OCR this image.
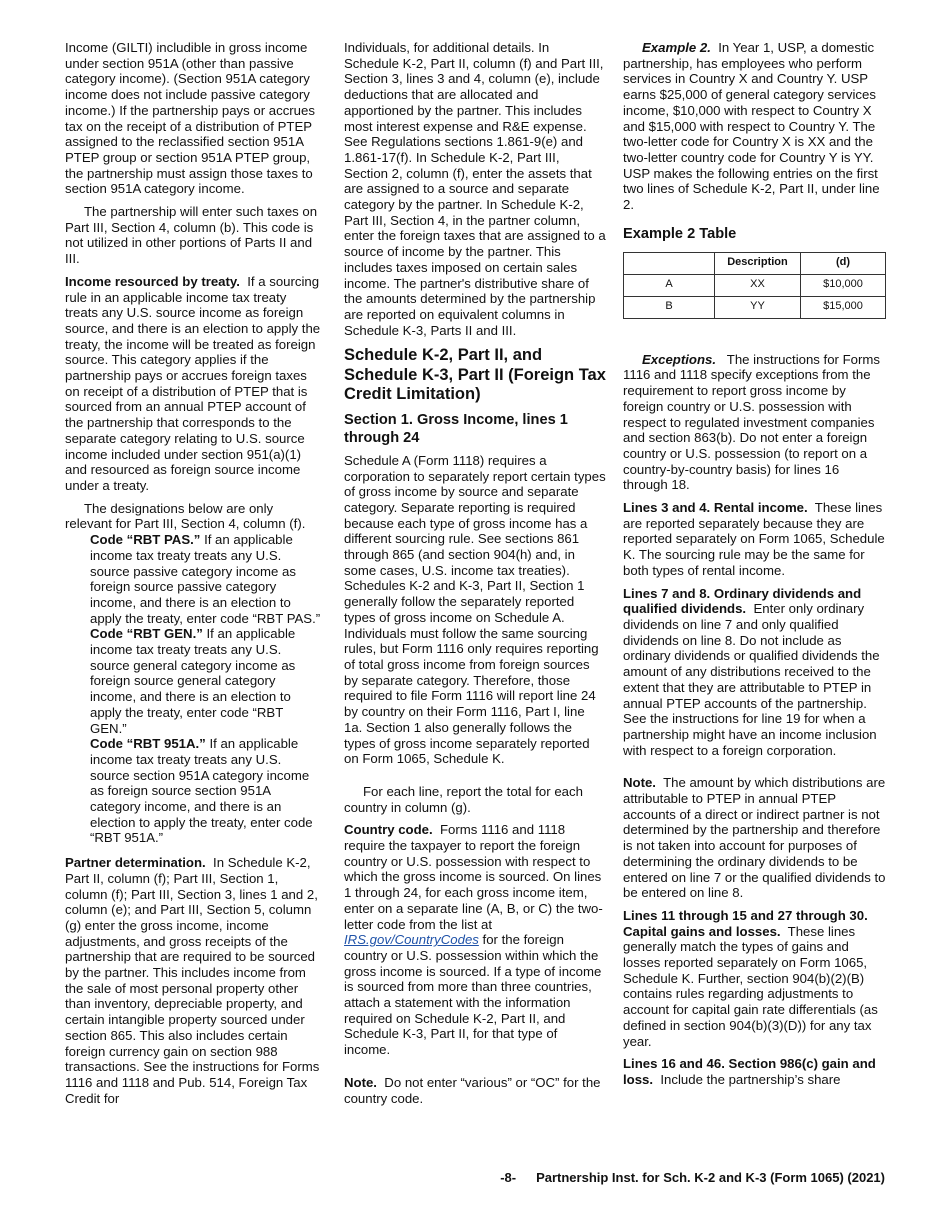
Income (GILTI) includible in gross income under section 951A (other than passive category income). (Section 951A category income does not include passive category income.) If the partnership pays or accrues tax on the receipt of a distribution of PTEP assigned to the reclassified section 951A PTEP group or section 951A PTEP group, the partnership must assign those taxes to section 951A category income.

The partnership will enter such taxes on Part III, Section 4, column (b). This code is not utilized in other portions of Parts II and III.

Income resourced by treaty. If a sourcing rule in an applicable income tax treaty treats any U.S. source income as foreign source, and there is an election to apply the treaty, the income will be treated as foreign source. This category applies if the partnership pays or accrues foreign taxes on receipt of a distribution of PTEP that is sourced from an annual PTEP account of the partnership that corresponds to the separate category relating to U.S. source income included under section 951(a)(1) and resourced as foreign source income under a treaty.

The designations below are only relevant for Part III, Section 4, column (f).

Code “RBT PAS.” If an applicable income tax treaty treats any U.S. source passive category income as foreign source passive category income, and there is an election to apply the treaty, enter code “RBT PAS.”

Code “RBT GEN.” If an applicable income tax treaty treats any U.S. source general category income as foreign source general category income, and there is an election to apply the treaty, enter code “RBT GEN.”

Code “RBT 951A.” If an applicable income tax treaty treats any U.S. source section 951A category income as foreign source section 951A category income, and there is an election to apply the treaty, enter code “RBT 951A.”

Partner determination. In Schedule K-2, Part II, column (f); Part III, Section 1, column (f); Part III, Section 3, lines 1 and 2, column (e); and Part III, Section 5, column (g) enter the gross income, income adjustments, and gross receipts of the partnership that are required to be sourced by the partner. This includes income from the sale of most personal property other than inventory, depreciable property, and certain intangible property sourced under section 865. This also includes certain foreign currency gain on section 988 transactions. See the instructions for Forms 1116 and 1118 and Pub. 514, Foreign Tax Credit for

Individuals, for additional details. In Schedule K-2, Part II, column (f) and Part III, Section 3, lines 3 and 4, column (e), include deductions that are allocated and apportioned by the partner. This includes most interest expense and R&E expense. See Regulations sections 1.861-9(e) and 1.861-17(f). In Schedule K-2, Part III, Section 2, column (f), enter the assets that are assigned to a source and separate category by the partner. In Schedule K-2, Part III, Section 4, in the partner column, enter the foreign taxes that are assigned to a source of income by the partner. This includes taxes imposed on certain sales income. The partner's distributive share of the amounts determined by the partnership are reported on equivalent columns in Schedule K-3, Parts II and III.

Schedule K-2, Part II, and Schedule K-3, Part II (Foreign Tax Credit Limitation)
Section 1. Gross Income, lines 1 through 24

Schedule A (Form 1118) requires a corporation to separately report certain types of gross income by source and separate category. Separate reporting is required because each type of gross income has a different sourcing rule. See sections 861 through 865 (and section 904(h) and, in some cases, U.S. income tax treaties). Schedules K-2 and K-3, Part II, Section 1 generally follow the separately reported types of gross income on Schedule A. Individuals must follow the same sourcing rules, but Form 1116 only requires reporting of total gross income from foreign sources by separate category. Therefore, those required to file Form 1116 will report line 24 by country on their Form 1116, Part I, line 1a. Section 1 also generally follows the types of gross income separately reported on Form 1065, Schedule K.

For each line, report the total for each country in column (g).

Country code. Forms 1116 and 1118 require the taxpayer to report the foreign country or U.S. possession with respect to which the gross income is sourced. On lines 1 through 24, for each gross income item, enter on a separate line (A, B, or C) the two-letter code from the list at IRS.gov/CountryCodes for the foreign country or U.S. possession within which the gross income is sourced. If a type of income is sourced from more than three countries, attach a statement with the information required on Schedule K-2, Part II, and Schedule K-3, Part II, for that type of income.

Note. Do not enter “various” or “OC” for the country code.

Example 2. In Year 1, USP, a domestic partnership, has employees who perform services in Country X and Country Y. USP earns $25,000 of general category services income, $10,000 with respect to Country X and $15,000 with respect to Country Y. The two-letter code for Country X is XX and the two-letter country code for Country Y is YY. USP makes the following entries on the first two lines of Schedule K-2, Part II, under line 2.

Example 2 Table
	Description	(d)
A	XX	$10,000
B	YY	$15,000

Exceptions. The instructions for Forms 1116 and 1118 specify exceptions from the requirement to report gross income by foreign country or U.S. possession with respect to regulated investment companies and section 863(b). Do not enter a foreign country or U.S. possession (to report on a country-by-country basis) for lines 16 through 18.

Lines 3 and 4. Rental income. These lines are reported separately because they are reported separately on Form 1065, Schedule K. The sourcing rule may be the same for both types of rental income.

Lines 7 and 8. Ordinary dividends and qualified dividends. Enter only ordinary dividends on line 7 and only qualified dividends on line 8. Do not include as ordinary dividends or qualified dividends the amount of any distributions received to the extent that they are attributable to PTEP in annual PTEP accounts of the partnership. See the instructions for line 19 for when a partnership might have an income inclusion with respect to a foreign corporation.

Note. The amount by which distributions are attributable to PTEP in annual PTEP accounts of a direct or indirect partner is not determined by the partnership and therefore is not taken into account for purposes of determining the ordinary dividends to be entered on line 7 or the qualified dividends to be entered on line 8.

Lines 11 through 15 and 27 through 30. Capital gains and losses. These lines generally match the types of gains and losses reported separately on Form 1065, Schedule K. Further, section 904(b)(2)(B) contains rules regarding adjustments to account for capital gain rate differentials (as defined in section 904(b)(3)(D)) for any tax year.

Lines 16 and 46. Section 986(c) gain and loss. Include the partnership’s share

-8- Partnership Inst. for Sch. K-2 and K-3 (Form 1065) (2021)
